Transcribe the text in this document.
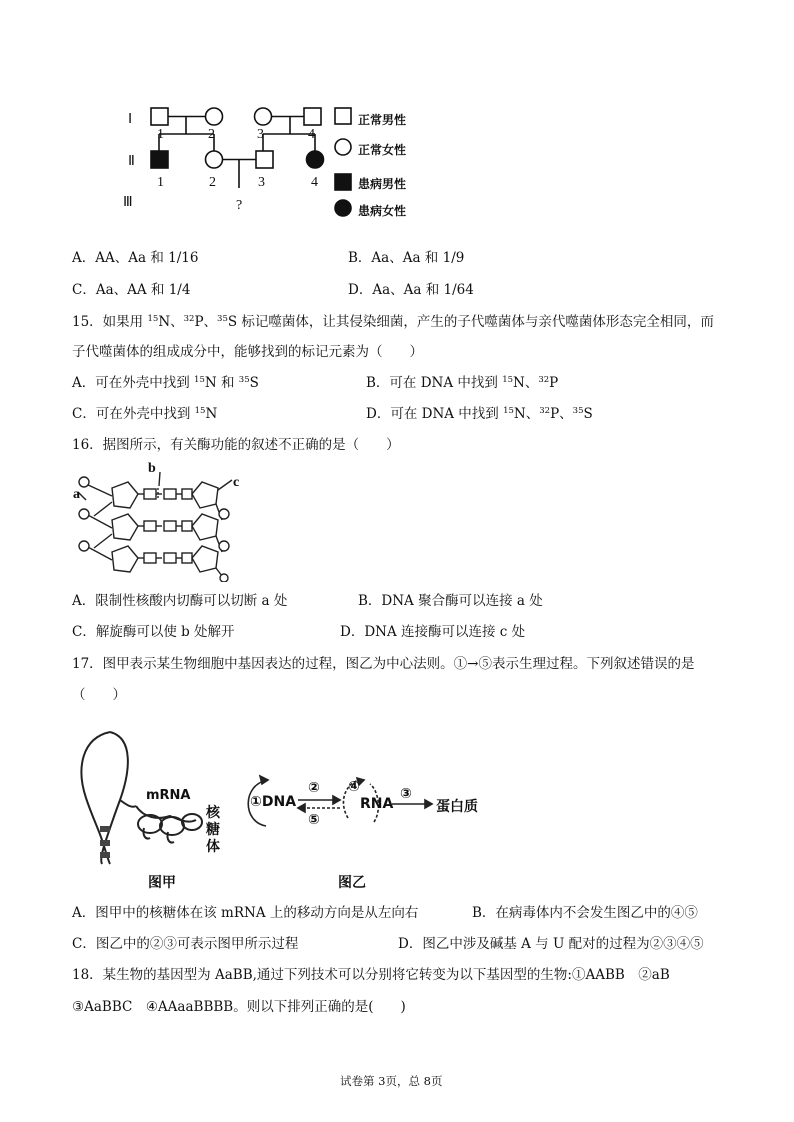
Ⅰ
Ⅱ
Ⅲ
1	2	3	4
1	2	3	4
?
正常男性
正常女性
患病男性
患病女性
A．AA、Aa 和 1/16	B．Aa、Aa 和 1/9
C．Aa、AA 和 1/4	D．Aa、Aa 和 1/64
15．如果用 $^{15}$N、$^{32}$P、$^{35}$S 标记噬菌体，让其侵染细菌，产生的子代噬菌体与亲代噬菌体形态完全相同，而
子代噬菌体的组成成分中，能够找到的标记元素为（　　）
A．可在外壳中找到 $^{15}$N 和 $^{35}$S	B．可在 DNA 中找到 $^{15}$N、$^{32}$P
C．可在外壳中找到 $^{15}$N	D．可在 DNA 中找到 $^{15}$N、$^{32}$P、$^{35}$S
16．据图所示，有关酶功能的叙述不正确的是（　　）
b
c
a
A．限制性核酸内切酶可以切断 a 处	B．DNA 聚合酶可以连接 a 处
C．解旋酶可以使 b 处解开	D．DNA 连接酶可以连接 c 处
17．图甲表示某生物细胞中基因表达的过程，图乙为中心法则。①→⑤表示生理过程。下列叙述错误的是
（　　）
mRNA
核糖体
图甲
①DNA
②
⑤
④
RNA
③
蛋白质
图乙
A．图甲中的核糖体在该 mRNA 上的移动方向是从左向右	B．在病毒体内不会发生图乙中的④⑤
C．图乙中的②③可表示图甲所示过程	D．图乙中涉及碱基 A 与 U 配对的过程为②③④⑤
18．某生物的基因型为 AaBB,通过下列技术可以分别将它转变为以下基因型的生物:①AABB　②aB
③AaBBC　④AAaaBBBB。则以下排列正确的是(　　)
试卷第 3页，总 8页
